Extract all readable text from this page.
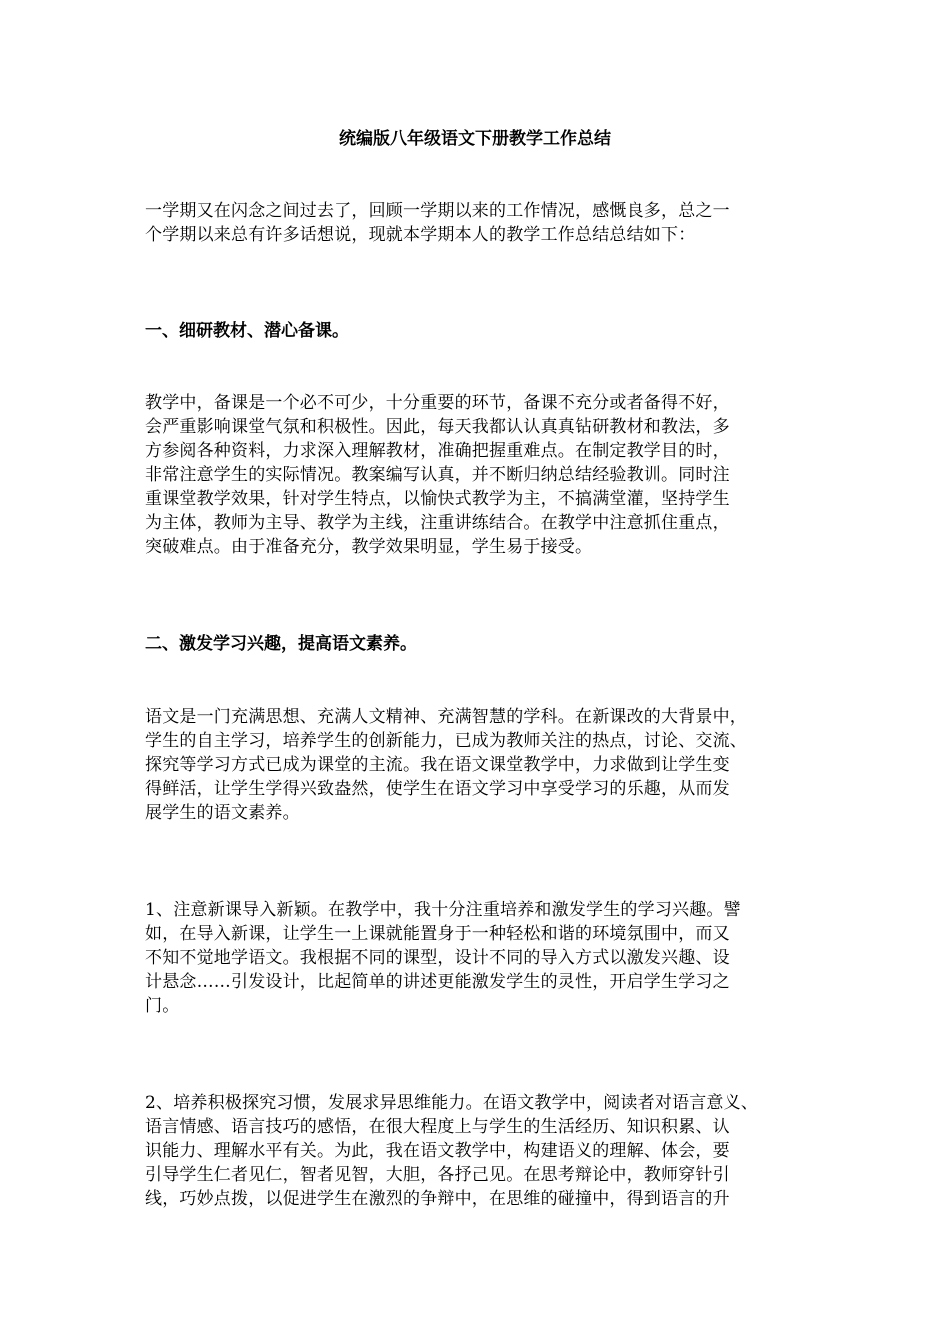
统编版八年级语文下册教学工作总结
一学期又在闪念之间过去了，回顾一学期以来的工作情况，感慨良多，总之一
个学期以来总有许多话想说，现就本学期本人的教学工作总结总结如下：
一、细研教材、潜心备课。
教学中，备课是一个必不可少，十分重要的环节，备课不充分或者备得不好，
会严重影响课堂气氛和积极性。因此，每天我都认认真真钻研教材和教法，多
方参阅各种资料，力求深入理解教材，准确把握重难点。在制定教学目的时，
非常注意学生的实际情况。教案编写认真，并不断归纳总结经验教训。同时注
重课堂教学效果，针对学生特点，以愉快式教学为主，不搞满堂灌，坚持学生
为主体，教师为主导、教学为主线，注重讲练结合。在教学中注意抓住重点，
突破难点。由于准备充分，教学效果明显，学生易于接受。
二、激发学习兴趣，提高语文素养。
语文是一门充满思想、充满人文精神、充满智慧的学科。在新课改的大背景中，
学生的自主学习，培养学生的创新能力，已成为教师关注的热点，讨论、交流、
探究等学习方式已成为课堂的主流。我在语文课堂教学中，力求做到让学生变
得鲜活，让学生学得兴致盎然，使学生在语文学习中享受学习的乐趣，从而发
展学生的语文素养。
1、注意新课导入新颖。在教学中，我十分注重培养和激发学生的学习兴趣。譬
如，在导入新课，让学生一上课就能置身于一种轻松和谐的环境氛围中，而又
不知不觉地学语文。我根据不同的课型，设计不同的导入方式以激发兴趣、设
计悬念……引发设计，比起简单的讲述更能激发学生的灵性，开启学生学习之
门。
2、培养积极探究习惯，发展求异思维能力。在语文教学中，阅读者对语言意义、
语言情感、语言技巧的感悟，在很大程度上与学生的生活经历、知识积累、认
识能力、理解水平有关。为此，我在语文教学中，构建语义的理解、体会，要
引导学生仁者见仁，智者见智，大胆，各抒己见。在思考辩论中，教师穿针引
线，巧妙点拨，以促进学生在激烈的争辩中，在思维的碰撞中，得到语言的升
